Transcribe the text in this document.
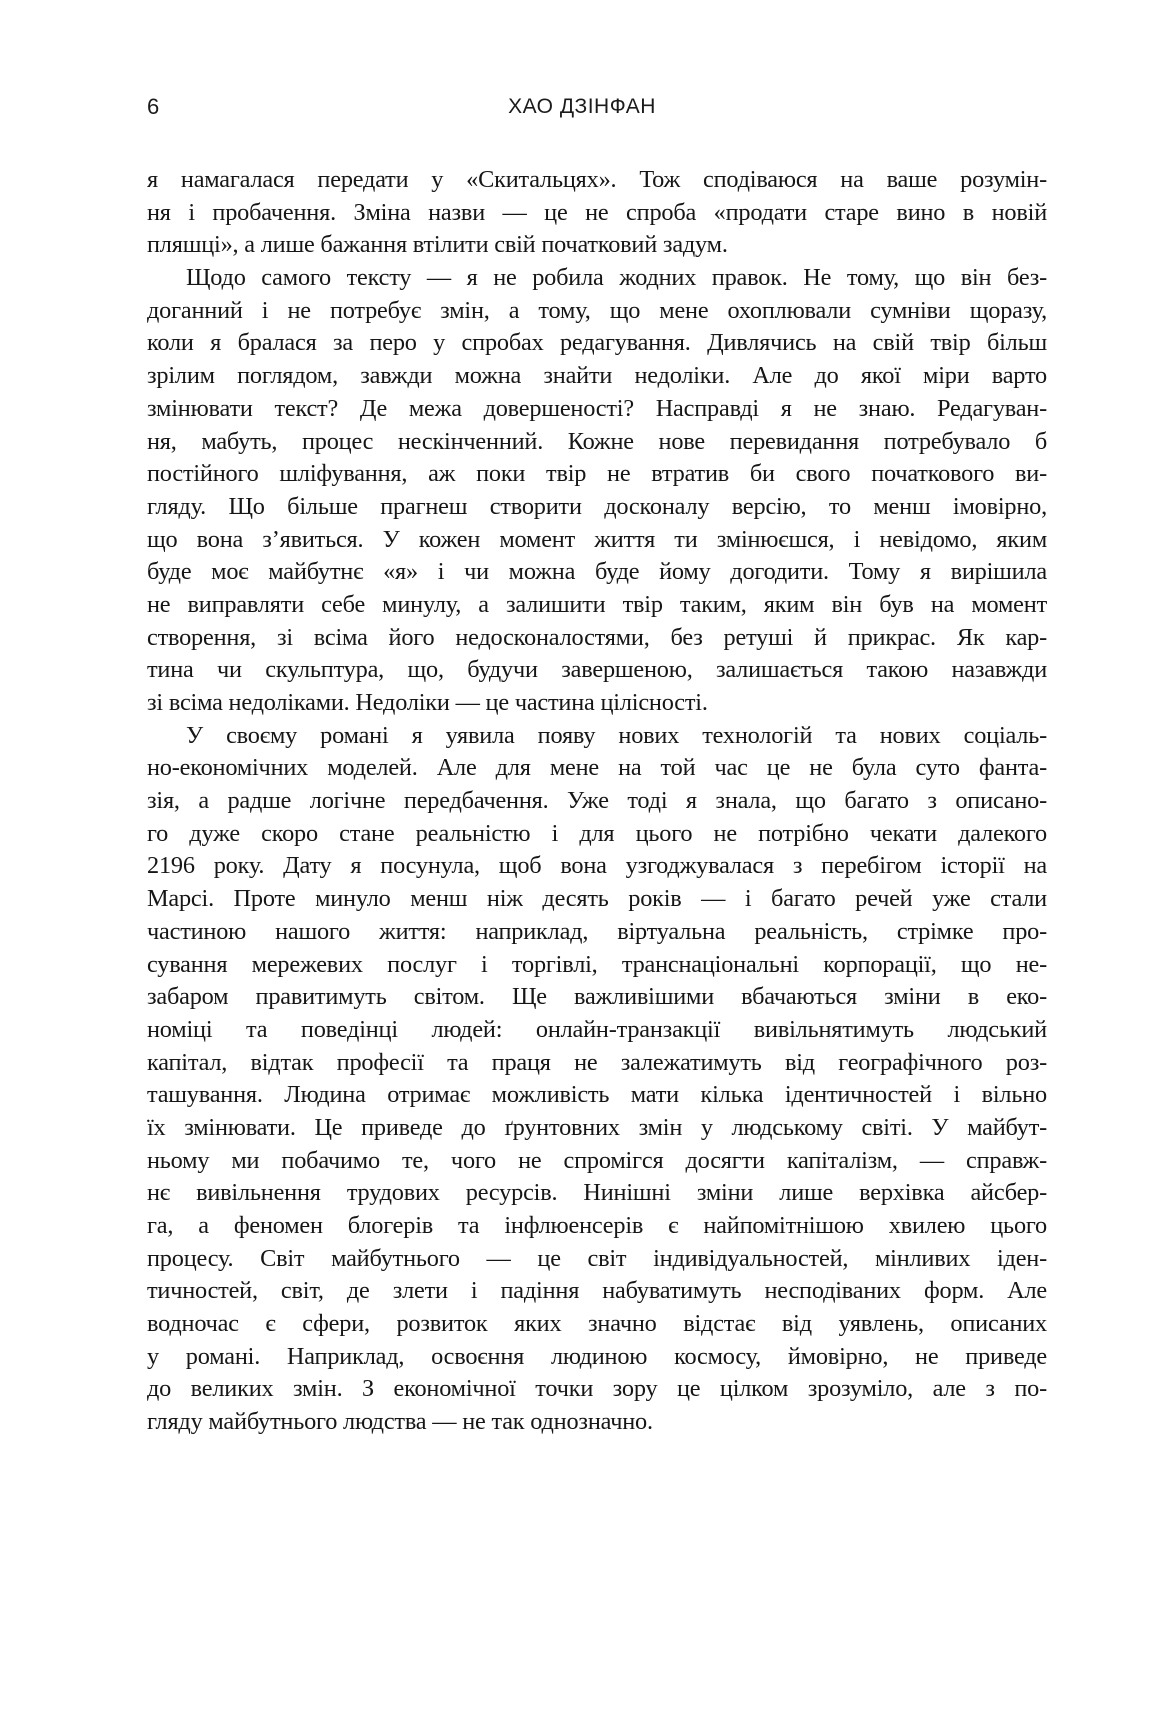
6	ХАО ДЗІНФАН
я намагалася передати у «Скитальцях». Тож сподіваюся на ваше розумін-
ня і пробачення. Зміна назви — це не спроба «продати старе вино в новій
пляшці», а лише бажання втілити свій початковий задум.
Щодо самого тексту — я не робила жодних правок. Не тому, що він без-
доганний і не потребує змін, а тому, що мене охоплювали сумніви щоразу,
коли я бралася за перо у спробах редагування. Дивлячись на свій твір більш
зрілим поглядом, завжди можна знайти недоліки. Але до якої міри варто
змінювати текст? Де межа довершеності? Насправді я не знаю. Редагуван-
ня, мабуть, процес нескінченний. Кожне нове перевидання потребувало б
постійного шліфування, аж поки твір не втратив би свого початкового ви-
гляду. Що більше прагнеш створити досконалу версію, то менш імовірно,
що вона з’явиться. У кожен момент життя ти змінюєшся, і невідомо, яким
буде моє майбутнє «я» і чи можна буде йому догодити. Тому я вирішила
не виправляти себе минулу, а залишити твір таким, яким він був на момент
створення, зі всіма його недосконалостями, без ретуші й прикрас. Як кар-
тина чи скульптура, що, будучи завершеною, залишається такою назавжди
зі всіма недоліками. Недоліки — це частина цілісності.
У своєму романі я уявила появу нових технологій та нових соціаль-
но-економічних моделей. Але для мене на той час це не була суто фанта-
зія, а радше логічне передбачення. Уже тоді я знала, що багато з описано-
го дуже скоро стане реальністю і для цього не потрібно чекати далекого
2196 року. Дату я посунула, щоб вона узгоджувалася з перебігом історії на
Марсі. Проте минуло менш ніж десять років — і багато речей уже стали
частиною нашого життя: наприклад, віртуальна реальність, стрімке про-
сування мережевих послуг і торгівлі, транснаціональні корпорації, що не-
забаром правитимуть світом. Ще важливішими вбачаються зміни в еко-
номіці та поведінці людей: онлайн-транзакції вивільнятимуть людський
капітал, відтак професії та праця не залежатимуть від географічного роз-
ташування. Людина отримає можливість мати кілька ідентичностей і вільно
їх змінювати. Це приведе до ґрунтовних змін у людському світі. У майбут-
ньому ми побачимо те, чого не спромігся досягти капіталізм, — справж-
нє вивільнення трудових ресурсів. Нинішні зміни лише верхівка айсбер-
га, а феномен блогерів та інфлюенсерів є найпомітнішою хвилею цього
процесу. Світ майбутнього — це світ індивідуальностей, мінливих іден-
тичностей, світ, де злети і падіння набуватимуть несподіваних форм. Але
водночас є сфери, розвиток яких значно відстає від уявлень, описаних
у романі. Наприклад, освоєння людиною космосу, ймовірно, не приведе
до великих змін. З економічної точки зору це цілком зрозуміло, але з по-
гляду майбутнього людства — не так однозначно.
